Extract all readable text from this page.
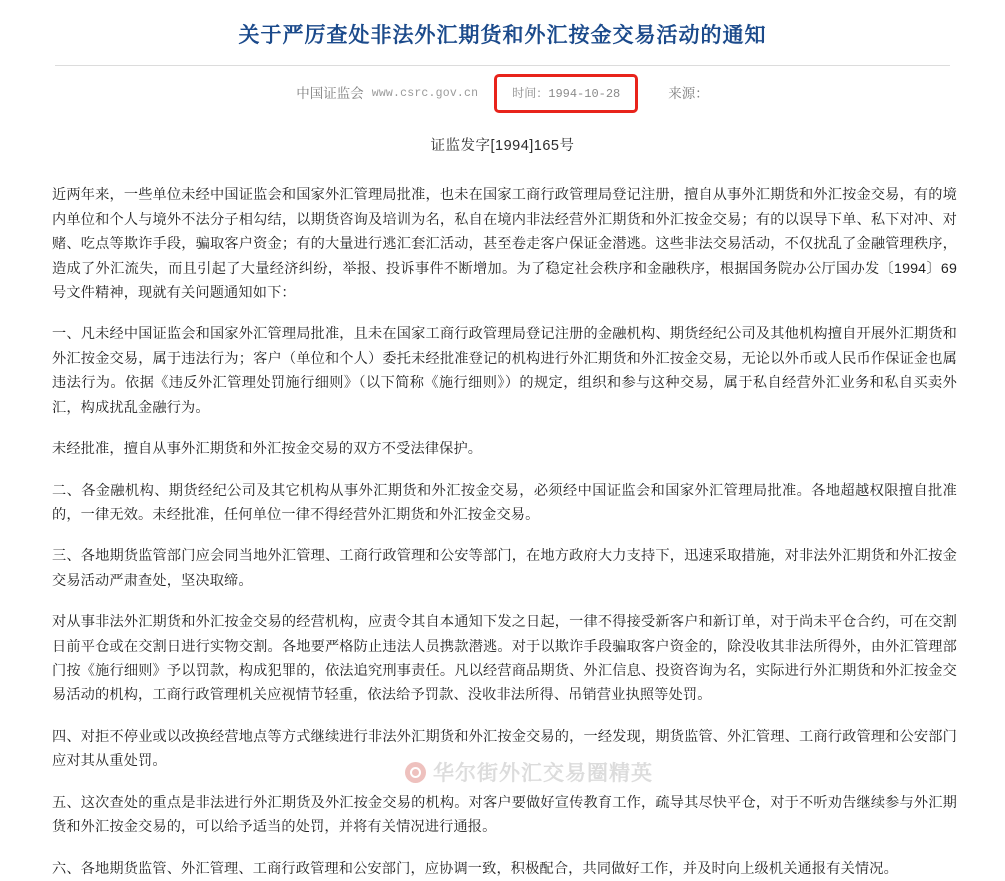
关于严厉查处非法外汇期货和外汇按金交易活动的通知
中国证监会 www.csrc.gov.cn	时间：1994-10-28	来源：
证监发字[1994]165号

近两年来，一些单位未经中国证监会和国家外汇管理局批准，也未在国家工商行政管理局登记注册，擅自从事外汇期货和外汇按金交易，有的境内单位和个人与境外不法分子相勾结，以期货咨询及培训为名，私自在境内非法经营外汇期货和外汇按金交易；有的以误导下单、私下对冲、对赌、吃点等欺诈手段，骗取客户资金；有的大量进行逃汇套汇活动，甚至卷走客户保证金潜逃。这些非法交易活动，不仅扰乱了金融管理秩序，造成了外汇流失，而且引起了大量经济纠纷，举报、投诉事件不断增加。为了稳定社会秩序和金融秩序，根据国务院办公厅国办发〔1994〕69号文件精神，现就有关问题通知如下：

一、凡未经中国证监会和国家外汇管理局批准，且未在国家工商行政管理局登记注册的金融机构、期货经纪公司及其他机构擅自开展外汇期货和外汇按金交易，属于违法行为；客户（单位和个人）委托未经批准登记的机构进行外汇期货和外汇按金交易，无论以外币或人民币作保证金也属违法行为。依据《违反外汇管理处罚施行细则》（以下简称《施行细则》）的规定，组织和参与这种交易，属于私自经营外汇业务和私自买卖外汇，构成扰乱金融行为。

未经批准，擅自从事外汇期货和外汇按金交易的双方不受法律保护。

二、各金融机构、期货经纪公司及其它机构从事外汇期货和外汇按金交易，必须经中国证监会和国家外汇管理局批准。各地超越权限擅自批准的，一律无效。未经批准，任何单位一律不得经营外汇期货和外汇按金交易。

三、各地期货监管部门应会同当地外汇管理、工商行政管理和公安等部门，在地方政府大力支持下，迅速采取措施，对非法外汇期货和外汇按金交易活动严肃查处，坚决取缔。

对从事非法外汇期货和外汇按金交易的经营机构，应责令其自本通知下发之日起，一律不得接受新客户和新订单，对于尚未平仓合约，可在交割日前平仓或在交割日进行实物交割。各地要严格防止违法人员携款潜逃。对于以欺诈手段骗取客户资金的，除没收其非法所得外，由外汇管理部门按《施行细则》予以罚款，构成犯罪的，依法追究刑事责任。凡以经营商品期货、外汇信息、投资咨询为名，实际进行外汇期货和外汇按金交易活动的机构，工商行政管理机关应视情节轻重，依法给予罚款、没收非法所得、吊销营业执照等处罚。

四、对拒不停业或以改换经营地点等方式继续进行非法外汇期货和外汇按金交易的，一经发现，期货监管、外汇管理、工商行政管理和公安部门应对其从重处罚。

五、这次查处的重点是非法进行外汇期货及外汇按金交易的机构。对客户要做好宣传教育工作，疏导其尽快平仓，对于不听劝告继续参与外汇期货和外汇按金交易的，可以给予适当的处罚，并将有关情况进行通报。

六、各地期货监管、外汇管理、工商行政管理和公安部门，应协调一致，积极配合，共同做好工作，并及时向上级机关通报有关情况。

华尔街外汇交易圈精英
